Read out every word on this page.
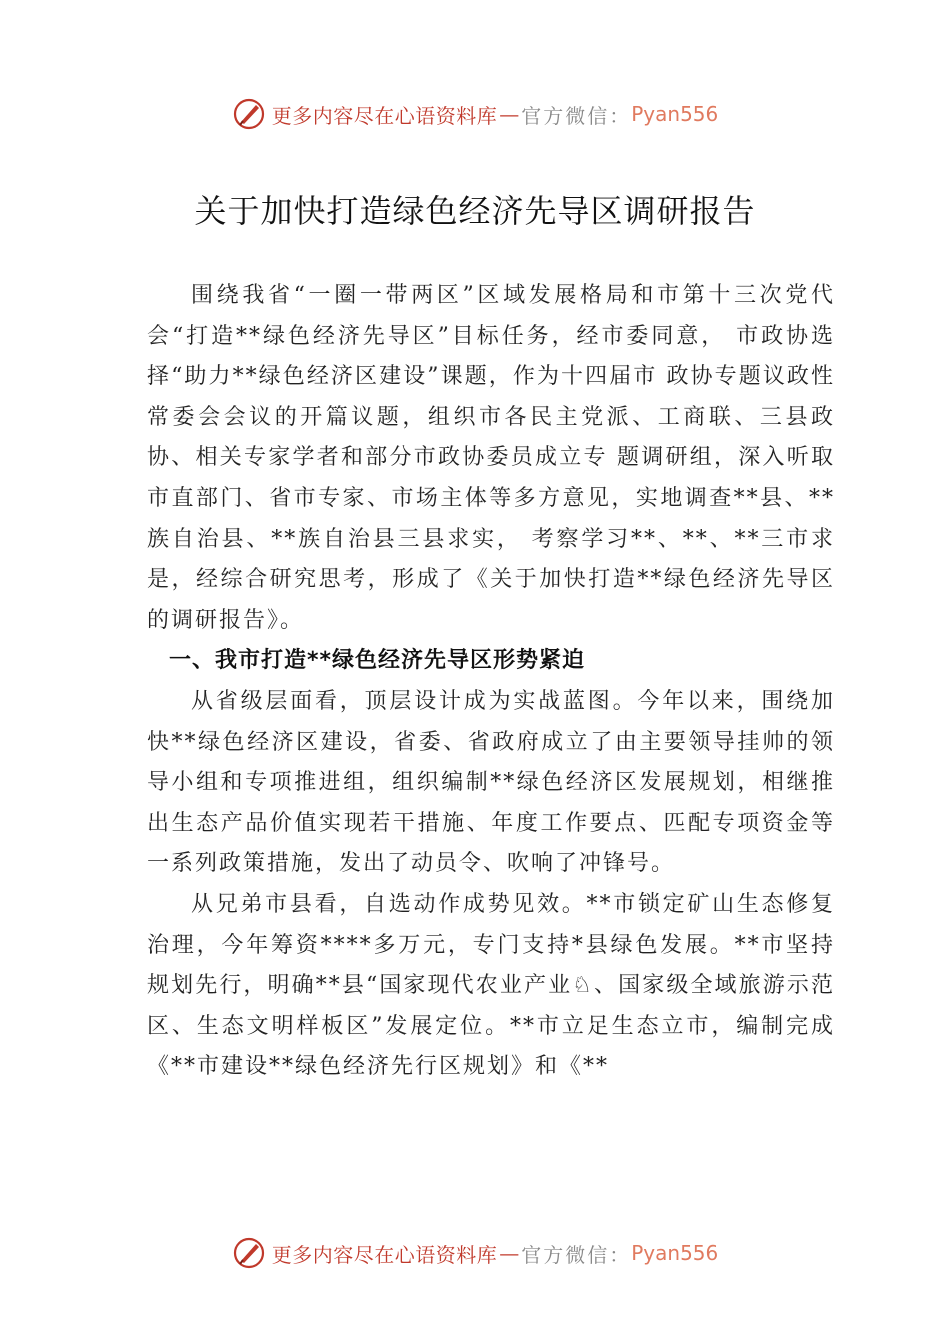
更多内容尽在心语资料库 — 官方微信： Pyan556
关于加快打造绿色经济先导区调研报告

围绕我省“一圈一带两区”区域发展格局和市第十三次党代会“打造**绿色经济先导区”目标任务，经市委同意， 市政协选择“助力**绿色经济区建设”课题，作为十四届市 政协专题议政性常委会会议的开篇议题，组织市各民主党派、工商联、三县政协、相关专家学者和部分市政协委员成立专 题调研组，深入听取市直部门、省市专家、市场主体等多方意见，实地调查**县、**族自治县、**族自治县三县求实， 考察学习**、**、**三市求是，经综合研究思考，形成了《关于加快打造**绿色经济先导区的调研报告》。

一、我市打造**绿色经济先导区形势紧迫

从省级层面看，顶层设计成为实战蓝图。今年以来，围绕加快**绿色经济区建设，省委、省政府成立了由主要领导挂帅的领导小组和专项推进组，组织编制**绿色经济区发展规划，相继推出生态产品价值实现若干措施、年度工作要点、匹配专项资金等一系列政策措施，发出了动员令、吹响了冲锋号。

从兄弟市县看，自选动作成势见效。**市锁定矿山生态修复治理，今年筹资****多万元，专门支持*县绿色发展。**市坚持规划先行，明确**县“国家现代农业产业♘、国家级全域旅游示范区、生态文明样板区”发展定位。**市立足生态立市，编制完成《**市建设**绿色经济先行区规划》和《**

更多内容尽在心语资料库 — 官方微信： Pyan556
